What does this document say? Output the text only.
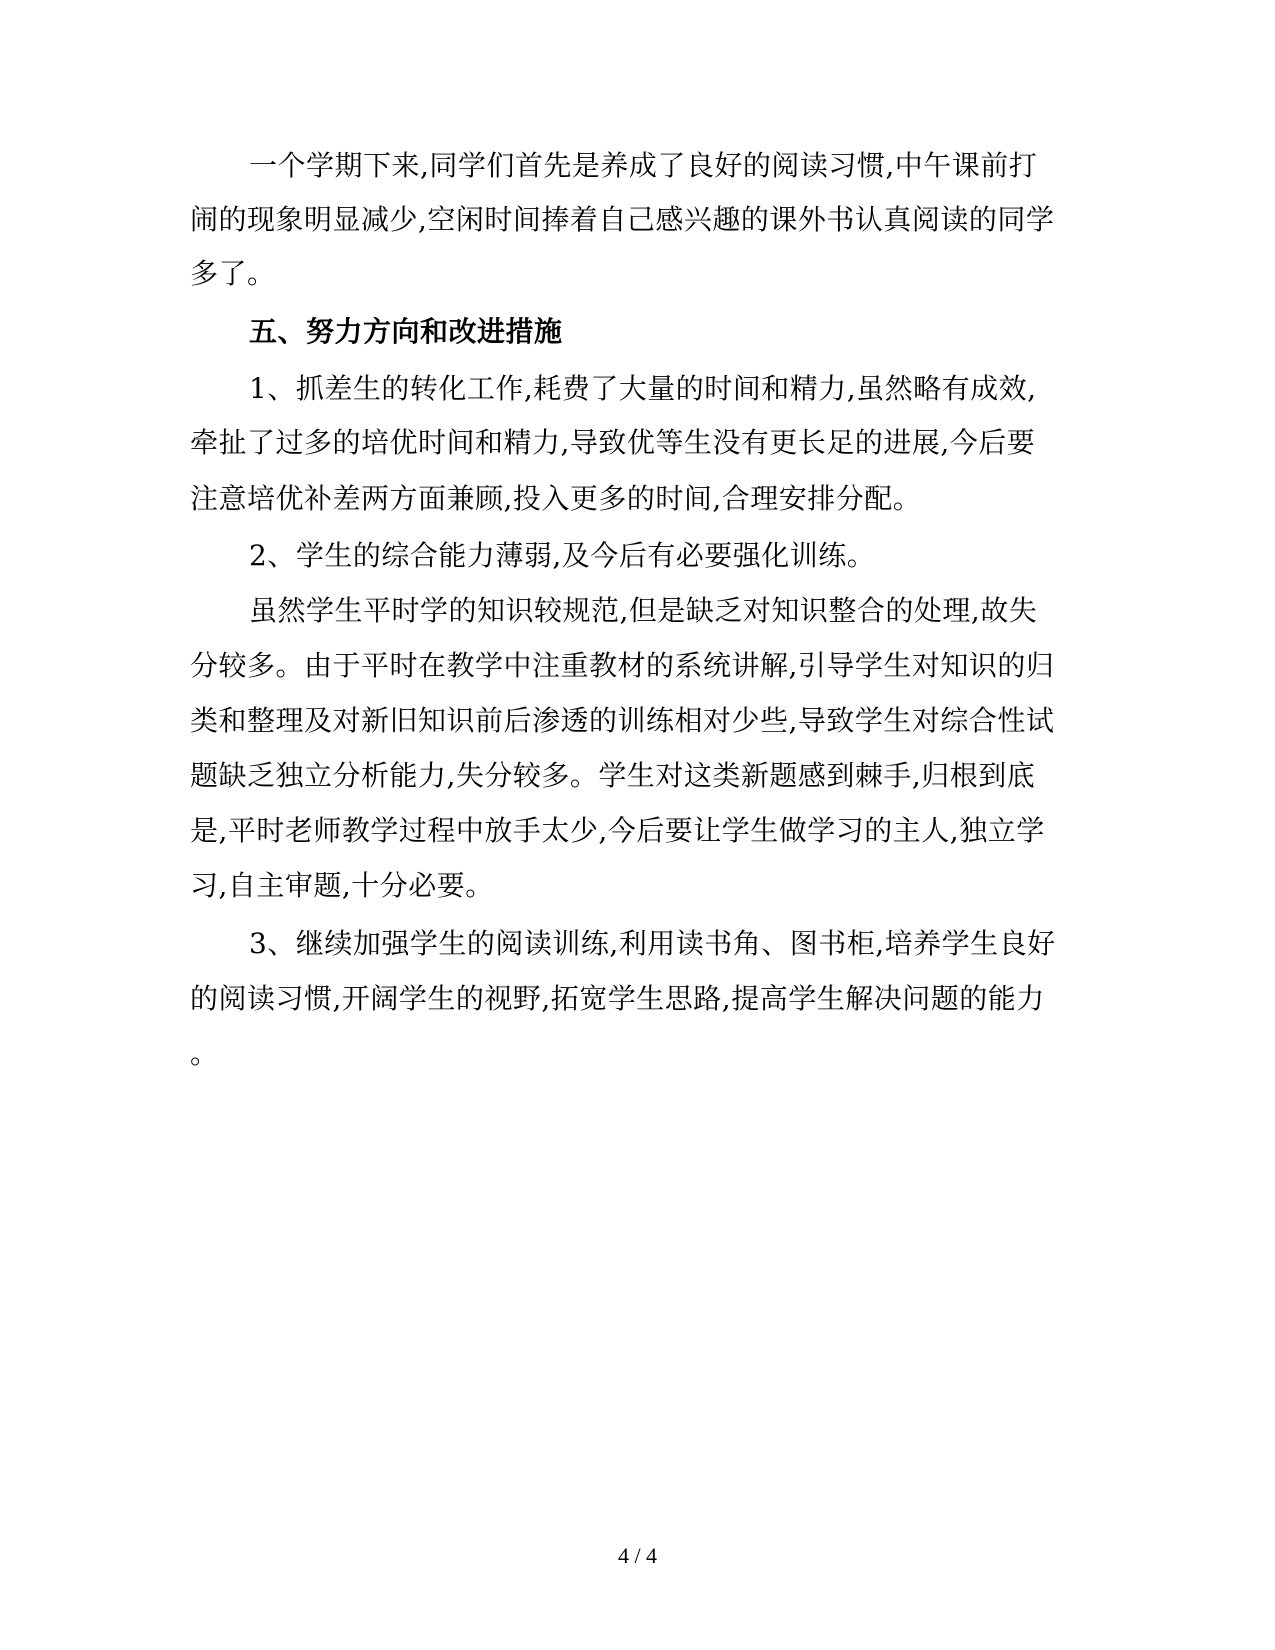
一个学期下来,同学们首先是养成了良好的阅读习惯,中午课前打
闹的现象明显减少,空闲时间捧着自己感兴趣的课外书认真阅读的同学
多了。
五、努力方向和改进措施
1、抓差生的转化工作,耗费了大量的时间和精力,虽然略有成效,
牵扯了过多的培优时间和精力,导致优等生没有更长足的进展,今后要
注意培优补差两方面兼顾,投入更多的时间,合理安排分配。
2、学生的综合能力薄弱,及今后有必要强化训练。
虽然学生平时学的知识较规范,但是缺乏对知识整合的处理,故失
分较多。由于平时在教学中注重教材的系统讲解,引导学生对知识的归
类和整理及对新旧知识前后渗透的训练相对少些,导致学生对综合性试
题缺乏独立分析能力,失分较多。学生对这类新题感到棘手,归根到底
是,平时老师教学过程中放手太少,今后要让学生做学习的主人,独立学
习,自主审题,十分必要。
3、继续加强学生的阅读训练,利用读书角、图书柜,培养学生良好
的阅读习惯,开阔学生的视野,拓宽学生思路,提高学生解决问题的能力
。
4 / 4
